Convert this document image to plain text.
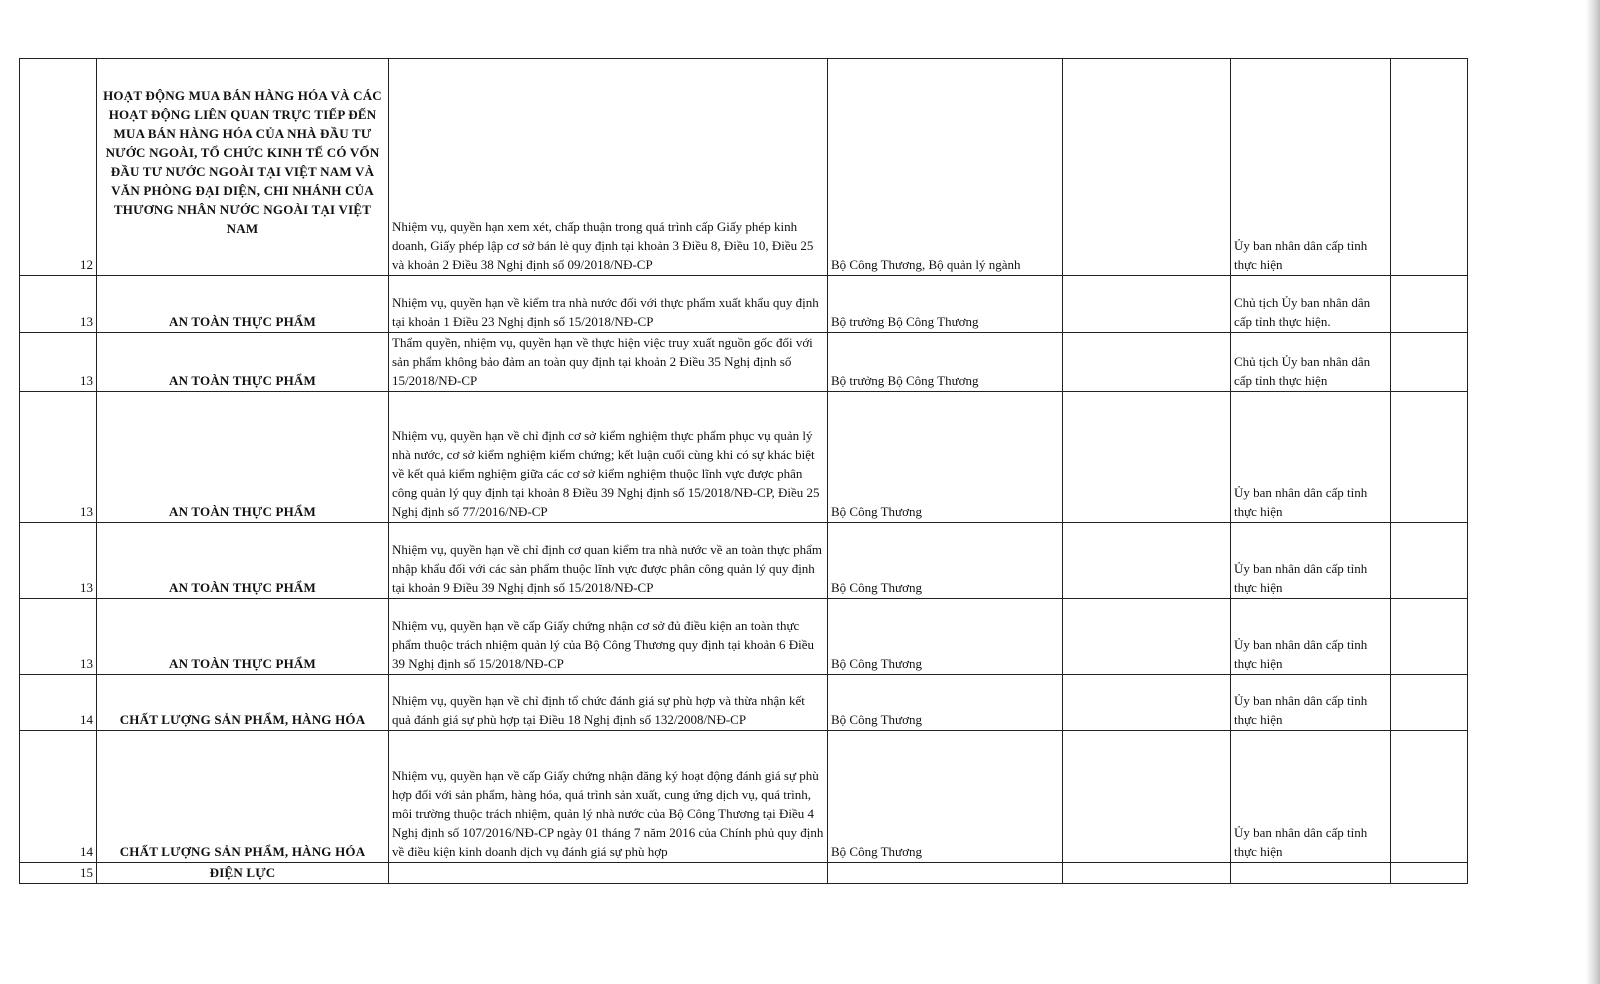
12	HOẠT ĐỘNG MUA BÁN HÀNG HÓA VÀ CÁC HOẠT ĐỘNG LIÊN QUAN TRỰC TIẾP ĐẾN MUA BÁN HÀNG HÓA CỦA NHÀ ĐẦU TƯ NƯỚC NGOÀI, TỔ CHỨC KINH TẾ CÓ VỐN ĐẦU TƯ NƯỚC NGOÀI TẠI VIỆT NAM VÀ VĂN PHÒNG ĐẠI DIỆN, CHI NHÁNH CỦA THƯƠNG NHÂN NƯỚC NGOÀI TẠI VIỆT NAM	Nhiệm vụ, quyền hạn xem xét, chấp thuận trong quá trình cấp Giấy phép kinh doanh, Giấy phép lập cơ sở bán lẻ quy định tại khoản 3 Điều 8, Điều 10, Điều 25 và khoản 2 Điều 38 Nghị định số 09/2018/NĐ-CP	Bộ Công Thương, Bộ quản lý ngành		Ủy ban nhân dân cấp tỉnh thực hiện	
13	AN TOÀN THỰC PHẨM	Nhiệm vụ, quyền hạn về kiểm tra nhà nước đối với thực phẩm xuất khẩu quy định tại khoản 1 Điều 23 Nghị định số 15/2018/NĐ-CP	Bộ trưởng Bộ Công Thương		Chủ tịch Ủy ban nhân dân cấp tỉnh thực hiện.	
13	AN TOÀN THỰC PHẨM	Thẩm quyền, nhiệm vụ, quyền hạn về thực hiện việc truy xuất nguồn gốc đối với sản phẩm không bảo đảm an toàn quy định tại khoản 2 Điều 35 Nghị định số 15/2018/NĐ-CP	Bộ trưởng Bộ Công Thương		Chủ tịch Ủy ban nhân dân cấp tỉnh thực hiện	
13	AN TOÀN THỰC PHẨM	Nhiệm vụ, quyền hạn về chỉ định cơ sở kiểm nghiệm thực phẩm phục vụ quản lý nhà nước, cơ sở kiểm nghiệm kiểm chứng; kết luận cuối cùng khi có sự khác biệt về kết quả kiểm nghiệm giữa các cơ sở kiểm nghiệm thuộc lĩnh vực được phân công quản lý quy định tại khoản 8 Điều 39 Nghị định số 15/2018/NĐ-CP, Điều 25 Nghị định số 77/2016/NĐ-CP	Bộ Công Thương		Ủy ban nhân dân cấp tỉnh thực hiện	
13	AN TOÀN THỰC PHẨM	Nhiệm vụ, quyền hạn về chỉ định cơ quan kiểm tra nhà nước về an toàn thực phẩm nhập khẩu đối với các sản phẩm thuộc lĩnh vực được phân công quản lý quy định tại khoản 9 Điều 39 Nghị định số 15/2018/NĐ-CP	Bộ Công Thương		Ủy ban nhân dân cấp tỉnh thực hiện	
13	AN TOÀN THỰC PHẨM	Nhiệm vụ, quyền hạn về cấp Giấy chứng nhận cơ sở đủ điều kiện an toàn thực phẩm thuộc trách nhiệm quản lý của Bộ Công Thương quy định tại khoản 6 Điều 39 Nghị định số 15/2018/NĐ-CP	Bộ Công Thương		Ủy ban nhân dân cấp tỉnh thực hiện	
14	CHẤT LƯỢNG SẢN PHẨM, HÀNG HÓA	Nhiệm vụ, quyền hạn về chỉ định tổ chức đánh giá sự phù hợp và thừa nhận kết quả đánh giá sự phù hợp tại Điều 18 Nghị định số 132/2008/NĐ-CP	Bộ Công Thương		Ủy ban nhân dân cấp tỉnh thực hiện	
14	CHẤT LƯỢNG SẢN PHẨM, HÀNG HÓA	Nhiệm vụ, quyền hạn về cấp Giấy chứng nhận đăng ký hoạt động đánh giá sự phù hợp đối với sản phẩm, hàng hóa, quá trình sản xuất, cung ứng dịch vụ, quá trình, môi trường thuộc trách nhiệm, quản lý nhà nước của Bộ Công Thương tại Điều 4 Nghị định số 107/2016/NĐ-CP ngày 01 tháng 7 năm 2016 của Chính phủ quy định về điều kiện kinh doanh dịch vụ đánh giá sự phù hợp	Bộ Công Thương		Ủy ban nhân dân cấp tỉnh thực hiện	
15	ĐIỆN LỰC					
